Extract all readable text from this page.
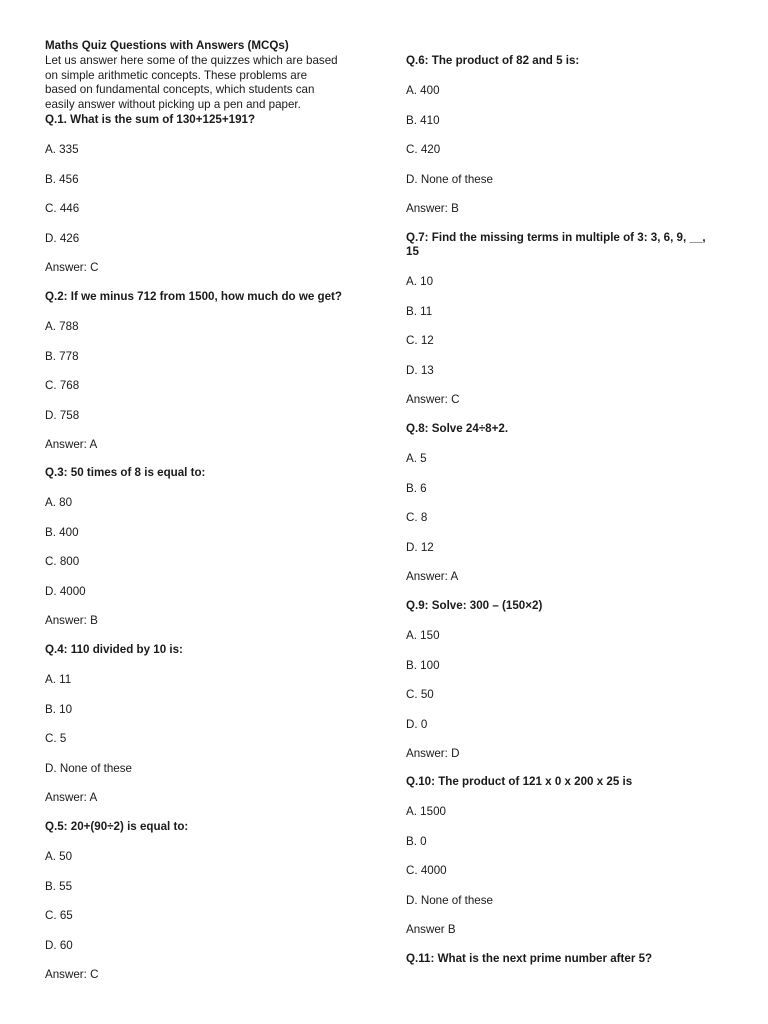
Maths Quiz Questions with Answers (MCQs)
Let us answer here some of the quizzes which are based
on simple arithmetic concepts. These problems are
based on fundamental concepts, which students can
easily answer without picking up a pen and paper.
Q.1. What is the sum of 130+125+191?
A. 335
B. 456
C. 446
D. 426
Answer: C
Q.2: If we minus 712 from 1500, how much do we get?
A. 788
B. 778
C. 768
D. 758
Answer: A
Q.3: 50 times of 8 is equal to:
A. 80
B. 400
C. 800
D. 4000
Answer: B
Q.4: 110 divided by 10 is:
A. 11
B. 10
C. 5
D. None of these
Answer: A
Q.5: 20+(90÷2) is equal to:
A. 50
B. 55
C. 65
D. 60
Answer: C
Q.6: The product of 82 and 5 is:
A. 400
B. 410
C. 420
D. None of these
Answer: B
Q.7: Find the missing terms in multiple of 3: 3, 6, 9, __,
15
A. 10
B. 11
C. 12
D. 13
Answer: C
Q.8: Solve 24÷8+2.
A. 5
B. 6
C. 8
D. 12
Answer: A
Q.9: Solve: 300 – (150×2)
A. 150
B. 100
C. 50
D. 0
Answer: D
Q.10: The product of 121 x 0 x 200 x 25 is
A. 1500
B. 0
C. 4000
D. None of these
Answer B
Q.11: What is the next prime number after 5?
